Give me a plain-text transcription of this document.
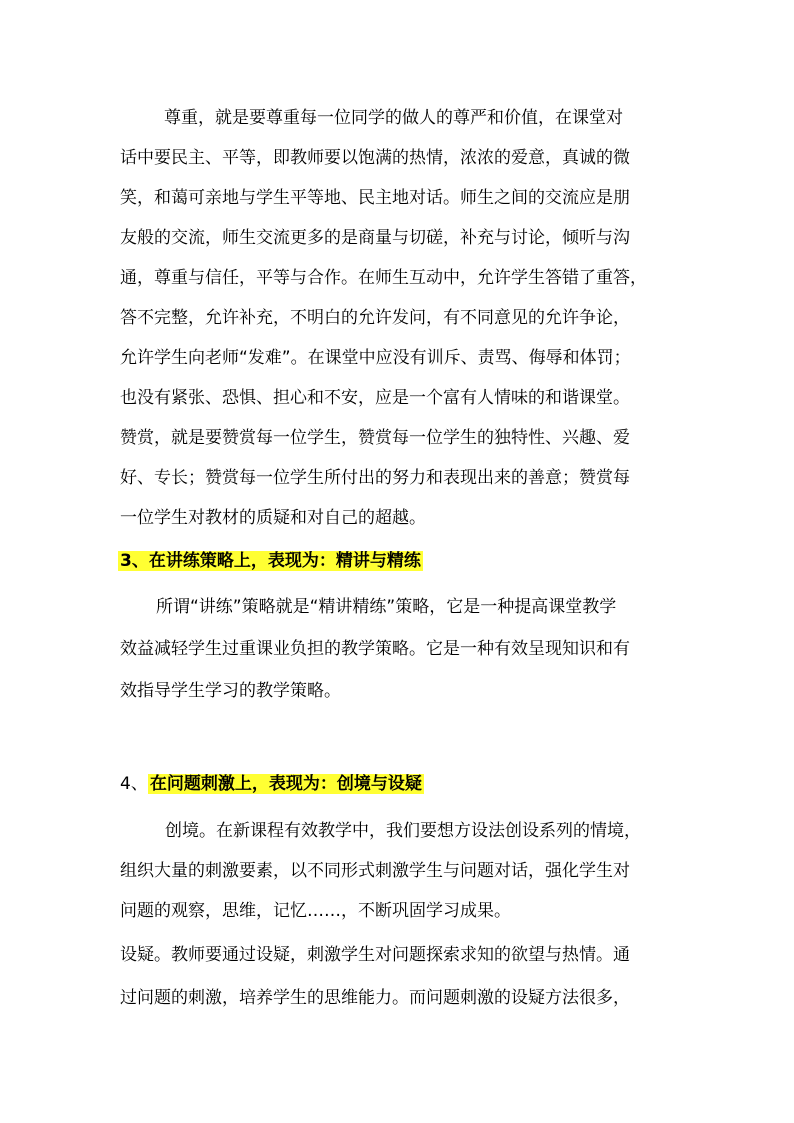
尊重，就是要尊重每一位同学的做人的尊严和价值，在课堂对
话中要民主、平等，即教师要以饱满的热情，浓浓的爱意，真诚的微
笑，和蔼可亲地与学生平等地、民主地对话。师生之间的交流应是朋
友般的交流，师生交流更多的是商量与切磋，补充与讨论，倾听与沟
通，尊重与信任，平等与合作。在师生互动中，允许学生答错了重答，
答不完整，允许补充，不明白的允许发问，有不同意见的允许争论，
允许学生向老师“发难”。在课堂中应没有训斥、责骂、侮辱和体罚；
也没有紧张、恐惧、担心和不安，应是一个富有人情味的和谐课堂。
赞赏，就是要赞赏每一位学生，赞赏每一位学生的独特性、兴趣、爱
好、专长；赞赏每一位学生所付出的努力和表现出来的善意；赞赏每
一位学生对教材的质疑和对自己的超越。
3、在讲练策略上，表现为：精讲与精练
所谓“讲练”策略就是“精讲精练”策略，它是一种提高课堂教学
效益减轻学生过重课业负担的教学策略。它是一种有效呈现知识和有
效指导学生学习的教学策略。
4、 在问题刺激上，表现为：创境与设疑
创境。在新课程有效教学中，我们要想方设法创设系列的情境，
组织大量的刺激要素，以不同形式刺激学生与问题对话，强化学生对
问题的观察，思维，记忆……，不断巩固学习成果。
设疑。教师要通过设疑，刺激学生对问题探索求知的欲望与热情。通
过问题的刺激，培养学生的思维能力。而问题刺激的设疑方法很多，
